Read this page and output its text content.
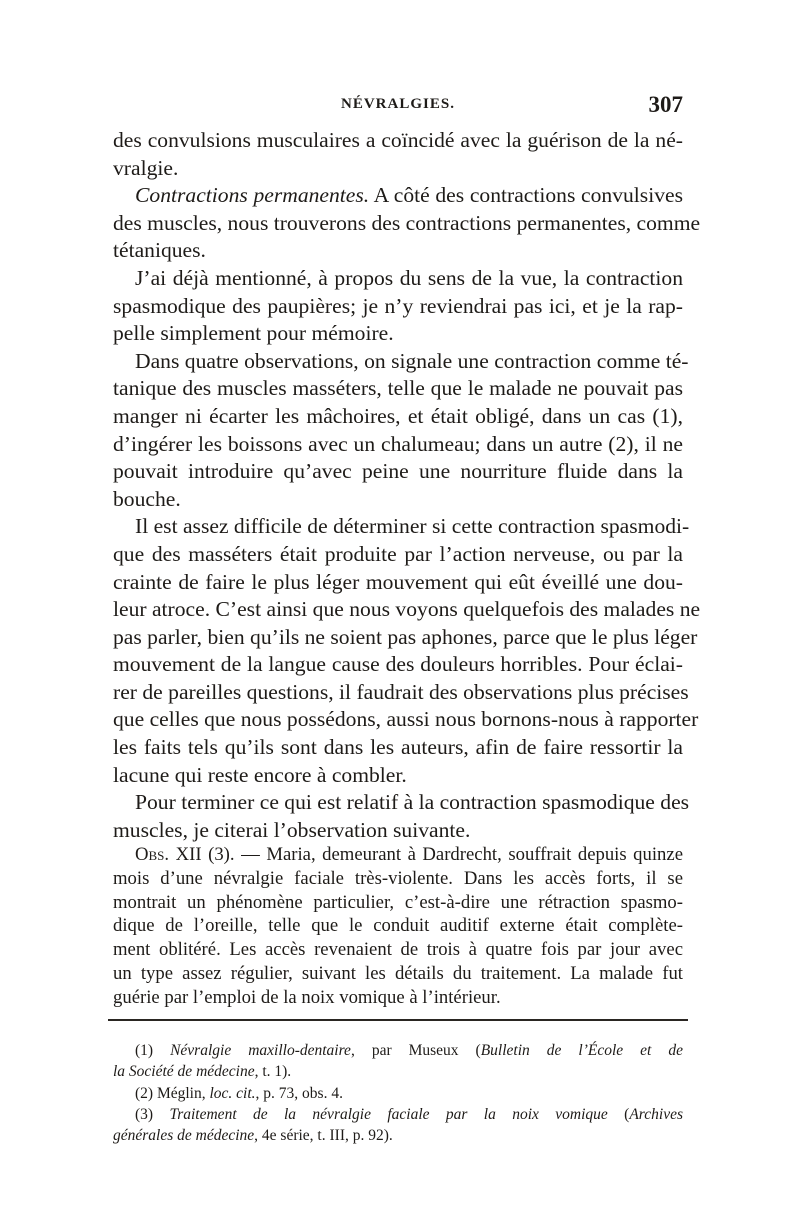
NÉVRALGIES.	307
des convulsions musculaires a coïncidé avec la guérison de la né-
vralgie.
Contractions permanentes. A côté des contractions convulsives
des muscles, nous trouverons des contractions permanentes, comme
tétaniques.
J’ai déjà mentionné, à propos du sens de la vue, la contraction
spasmodique des paupières; je n’y reviendrai pas ici, et je la rap-
pelle simplement pour mémoire.
Dans quatre observations, on signale une contraction comme té-
tanique des muscles masséters, telle que le malade ne pouvait pas
manger ni écarter les mâchoires, et était obligé, dans un cas (1),
d’ingérer les boissons avec un chalumeau; dans un autre (2), il ne
pouvait introduire qu’avec peine une nourriture fluide dans la
bouche.
Il est assez difficile de déterminer si cette contraction spasmodi-
que des masséters était produite par l’action nerveuse, ou par la
crainte de faire le plus léger mouvement qui eût éveillé une dou-
leur atroce. C’est ainsi que nous voyons quelquefois des malades ne
pas parler, bien qu’ils ne soient pas aphones, parce que le plus léger
mouvement de la langue cause des douleurs horribles. Pour éclai-
rer de pareilles questions, il faudrait des observations plus précises
que celles que nous possédons, aussi nous bornons-nous à rapporter
les faits tels qu’ils sont dans les auteurs, afin de faire ressortir la
lacune qui reste encore à combler.
Pour terminer ce qui est relatif à la contraction spasmodique des
muscles, je citerai l’observation suivante.
Obs. XII (3). — Maria, demeurant à Dardrecht, souffrait depuis quinze
mois d’une névralgie faciale très-violente. Dans les accès forts, il se
montrait un phénomène particulier, c’est-à-dire une rétraction spasmo-
dique de l’oreille, telle que le conduit auditif externe était complète-
ment oblitéré. Les accès revenaient de trois à quatre fois par jour avec
un type assez régulier, suivant les détails du traitement. La malade fut
guérie par l’emploi de la noix vomique à l’intérieur.
(1) Névralgie maxillo-dentaire, par Museux (Bulletin de l’École et de
la Société de médecine, t. 1).
(2) Méglin, loc. cit., p. 73, obs. 4.
(3) Traitement de la névralgie faciale par la noix vomique (Archives
générales de médecine, 4e série, t. III, p. 92).
